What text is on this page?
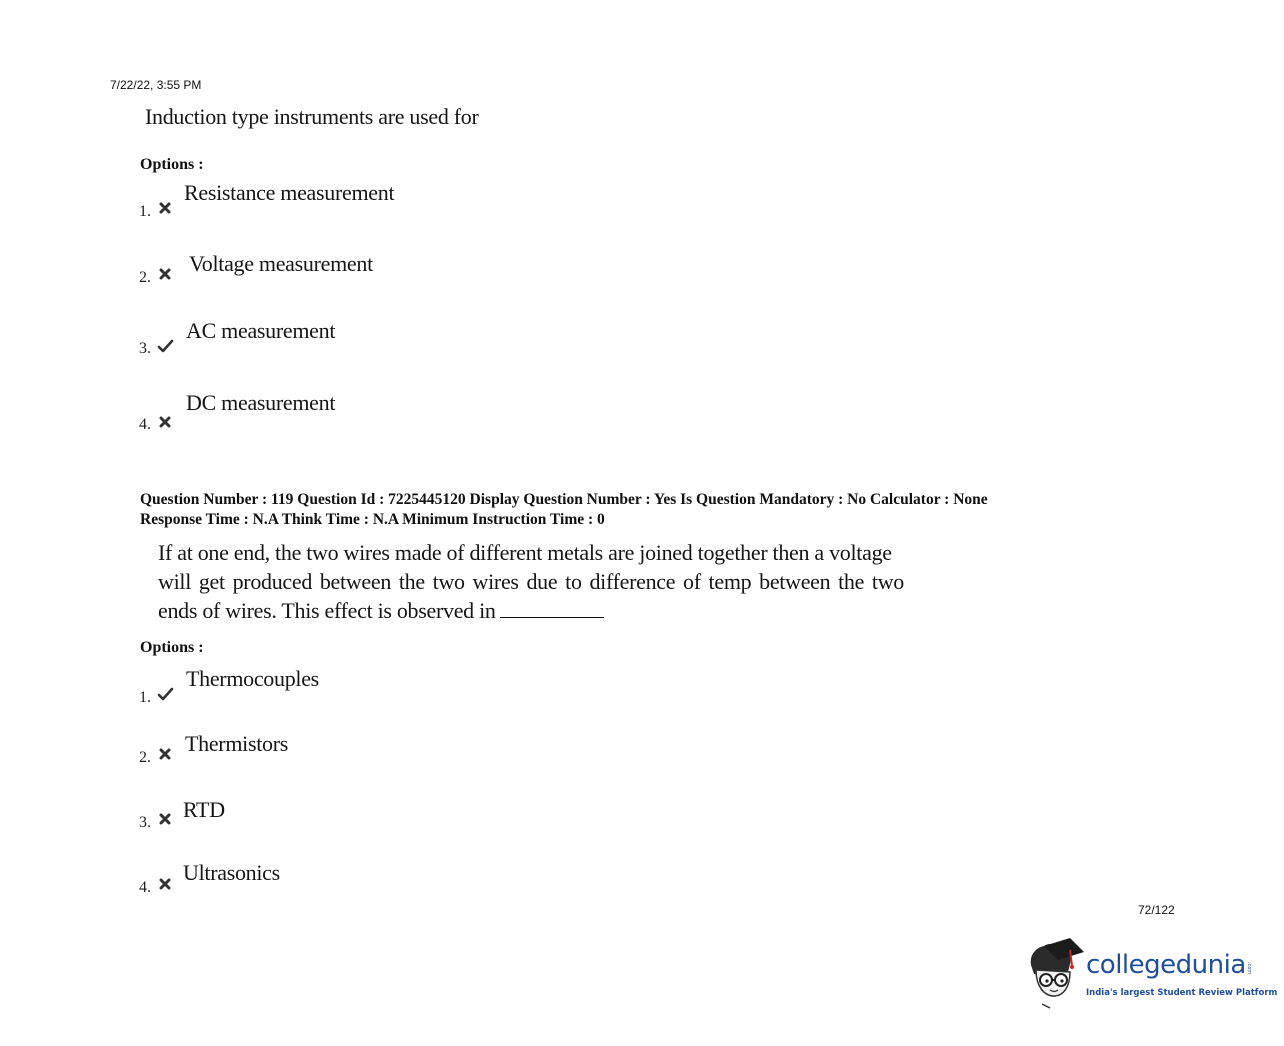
7/22/22, 3:55 PM
Induction type instruments are used for
Options :
1.
Resistance measurement
2.
Voltage measurement
3.
AC measurement
4.
DC measurement
Question Number : 119 Question Id : 7225445120 Display Question Number : Yes Is Question Mandatory : No Calculator : None
Response Time : N.A Think Time : N.A Minimum Instruction Time : 0
If at one end, the two wires made of different metals are joined together then a voltage
will get produced between the two wires due to difference of temp between the two
ends of wires. This effect is observed in
Options :
1.
Thermocouples
2.
Thermistors
3.
RTD
4.
Ultrasonics
72/122
collegedunia .com
India's largest Student Review Platform
